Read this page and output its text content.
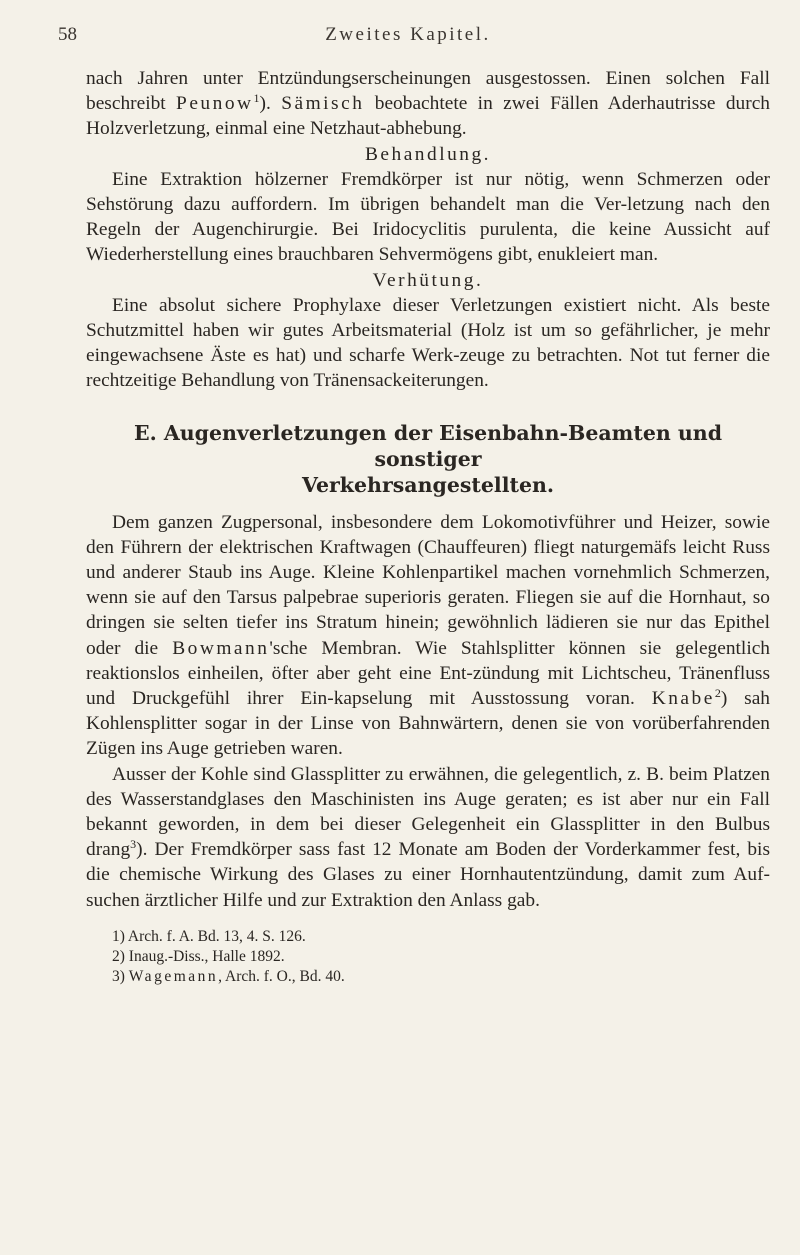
58	Zweites Kapitel.

nach Jahren unter Entzündungserscheinungen ausgestossen. Einen solchen Fall beschreibt Peunow$^1$). Sämisch beobachtete in zwei Fällen Aderhautrisse durch Holzverletzung, einmal eine Netzhaut-abhebung.

Behandlung.

Eine Extraktion hölzerner Fremdkörper ist nur nötig, wenn Schmerzen oder Sehstörung dazu auffordern. Im übrigen behandelt man die Ver-letzung nach den Regeln der Augenchirurgie. Bei Iridocyclitis purulenta, die keine Aussicht auf Wiederherstellung eines brauchbaren Sehvermögens gibt, enukleiert man.

Verhütung.

Eine absolut sichere Prophylaxe dieser Verletzungen existiert nicht. Als beste Schutzmittel haben wir gutes Arbeitsmaterial (Holz ist um so gefährlicher, je mehr eingewachsene Äste es hat) und scharfe Werk-zeuge zu betrachten. Not tut ferner die rechtzeitige Behandlung von Tränensackeiterungen.

E. Augenverletzungen der Eisenbahn-Beamten und sonstiger
Verkehrsangestellten.

Dem ganzen Zugpersonal, insbesondere dem Lokomotivführer und Heizer, sowie den Führern der elektrischen Kraftwagen (Chauffeuren) fliegt naturgemäfs leicht Russ und anderer Staub ins Auge. Kleine Kohlenpartikel machen vornehmlich Schmerzen, wenn sie auf den Tarsus palpebrae superioris geraten. Fliegen sie auf die Hornhaut, so dringen sie selten tiefer ins Stratum hinein; gewöhnlich lädieren sie nur das Epithel oder die Bowmann'sche Membran. Wie Stahlsplitter können sie gelegentlich reaktionslos einheilen, öfter aber geht eine Ent-zündung mit Lichtscheu, Tränenfluss und Druckgefühl ihrer Ein-kapselung mit Ausstossung voran. Knabe$^2$) sah Kohlensplitter sogar in der Linse von Bahnwärtern, denen sie von vorüberfahrenden Zügen ins Auge getrieben waren.

Ausser der Kohle sind Glassplitter zu erwähnen, die gelegentlich, z. B. beim Platzen des Wasserstandglases den Maschinisten ins Auge geraten; es ist aber nur ein Fall bekannt geworden, in dem bei dieser Gelegenheit ein Glassplitter in den Bulbus drang$^3$). Der Fremdkörper sass fast 12 Monate am Boden der Vorderkammer fest, bis die chemische Wirkung des Glases zu einer Hornhautentzündung, damit zum Auf-suchen ärztlicher Hilfe und zur Extraktion den Anlass gab.

1) Arch. f. A. Bd. 13, 4. S. 126.
2) Inaug.-Diss., Halle 1892.
3) Wagemann, Arch. f. O., Bd. 40.
